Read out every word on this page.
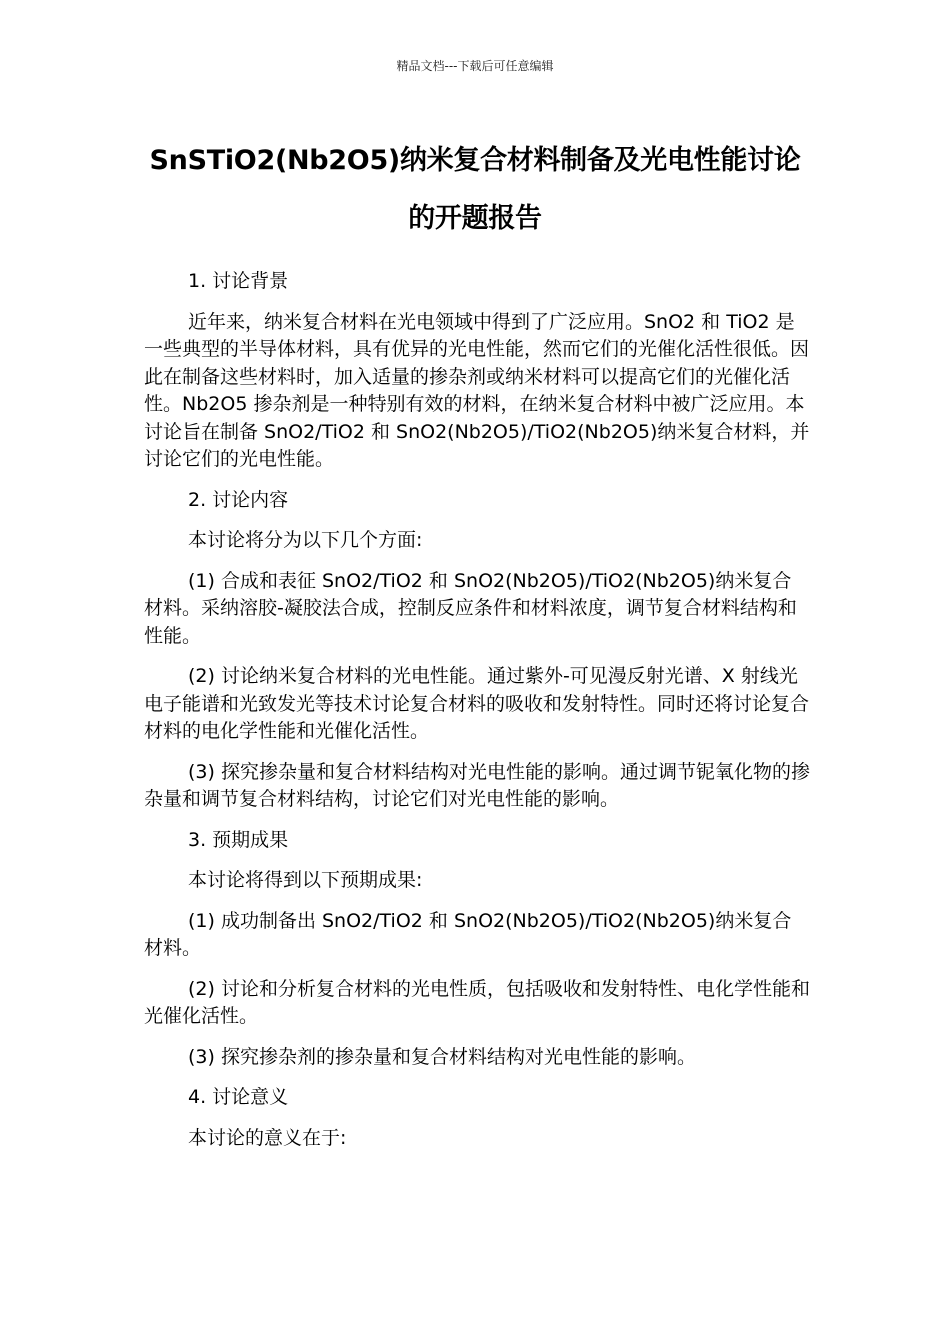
精品文档---下载后可任意编辑
SnSTiO2(Nb2O5)纳米复合材料制备及光电性能讨论
的开题报告

1. 讨论背景

近年来，纳米复合材料在光电领域中得到了广泛应用。SnO2 和 TiO2 是一些典型的半导体材料，具有优异的光电性能，然而它们的光催化活性很低。因此在制备这些材料时，加入适量的掺杂剂或纳米材料可以提高它们的光催化活性。Nb2O5 掺杂剂是一种特别有效的材料，在纳米复合材料中被广泛应用。本讨论旨在制备 SnO2/TiO2 和 SnO2(Nb2O5)/TiO2(Nb2O5)纳米复合材料，并讨论它们的光电性能。

2. 讨论内容

本讨论将分为以下几个方面:

(1) 合成和表征 SnO2/TiO2 和 SnO2(Nb2O5)/TiO2(Nb2O5)纳米复合材料。采纳溶胶-凝胶法合成，控制反应条件和材料浓度，调节复合材料结构和性能。

(2) 讨论纳米复合材料的光电性能。通过紫外-可见漫反射光谱、X 射线光电子能谱和光致发光等技术讨论复合材料的吸收和发射特性。同时还将讨论复合材料的电化学性能和光催化活性。

(3) 探究掺杂量和复合材料结构对光电性能的影响。通过调节铌氧化物的掺杂量和调节复合材料结构，讨论它们对光电性能的影响。

3. 预期成果

本讨论将得到以下预期成果:

(1) 成功制备出 SnO2/TiO2 和 SnO2(Nb2O5)/TiO2(Nb2O5)纳米复合材料。

(2) 讨论和分析复合材料的光电性质，包括吸收和发射特性、电化学性能和光催化活性。

(3) 探究掺杂剂的掺杂量和复合材料结构对光电性能的影响。

4. 讨论意义

本讨论的意义在于:
